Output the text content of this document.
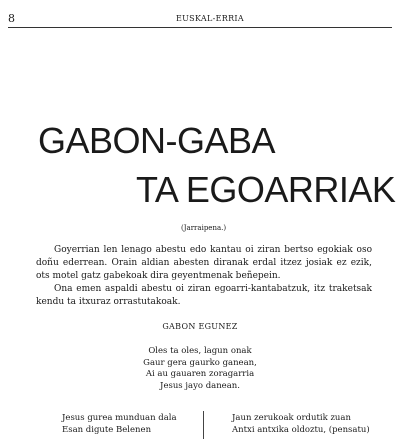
8	EUSKAL-ERRIA
GABON-GABA
TA EGOARRIAK
(Jarraipena.)

Goyerrian len lenago abestu edo kantau oi ziran bertso egokiak oso doñu ederrean. Orain aldian abesten diranak erdal itzez josiak ez ezik, ots motel gatz gabekoak dira geyentmenak beñepein.

Ona emen aspaldi abestu oi ziran egoarri-kantabatzuk, itz traketsak kendu ta itxuraz orrastutakoak.

GABON EGUNEZ
Oles ta oles, lagun onak
Gaur gera gaurko ganean,
Ai au gauaren zoragarria
Jesus jayo danean.
Jesus gurea munduan dala
Esan digute Belenen
Jaun zerukoak ordutik zuan
Antxi antxika oldoztu, (pensatu)
